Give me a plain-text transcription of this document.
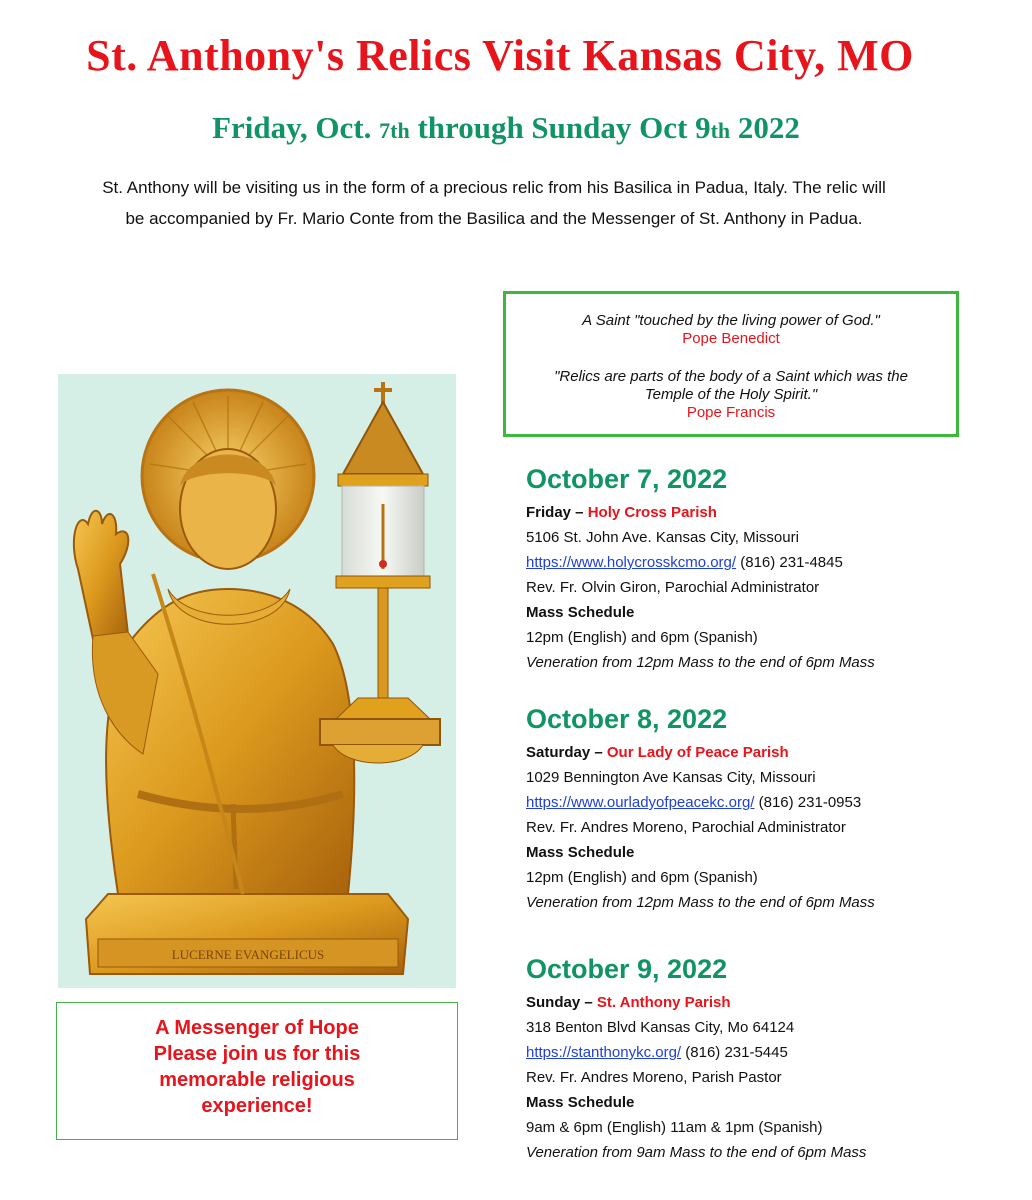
St. Anthony's Relics Visit Kansas City, MO
Friday, Oct. 7th through Sunday Oct 9th 2022
St. Anthony will be visiting us in the form of a precious relic from his Basilica in Padua, Italy. The relic will
be accompanied by Fr. Mario Conte from the Basilica and the Messenger of St. Anthony in Padua.
A Saint "touched by the living power of God."
Pope Benedict
"Relics are parts of the body of a Saint which was the
Temple of the Holy Spirit."
Pope Francis
LUCERNE EVANGELICUS
A Messenger of Hope
Please join us for this
memorable religious
experience!
October 7, 2022
Friday – Holy Cross Parish
5106 St. John Ave. Kansas City, Missouri
https://www.holycrosskcmo.org/ (816) 231-4845
Rev. Fr. Olvin Giron, Parochial Administrator
Mass Schedule
12pm (English) and 6pm (Spanish)
Veneration from 12pm Mass to the end of 6pm Mass
October 8, 2022
Saturday – Our Lady of Peace Parish
1029 Bennington Ave Kansas City, Missouri
https://www.ourladyofpeacekc.org/ (816) 231-0953
Rev. Fr. Andres Moreno, Parochial Administrator
Mass Schedule
12pm (English) and 6pm (Spanish)
Veneration from 12pm Mass to the end of 6pm Mass
October 9, 2022
Sunday – St. Anthony Parish
318 Benton Blvd Kansas City, Mo 64124
https://stanthonykc.org/ (816) 231-5445
Rev. Fr. Andres Moreno, Parish Pastor
Mass Schedule
9am & 6pm (English) 11am & 1pm (Spanish)
Veneration from 9am Mass to the end of 6pm Mass
